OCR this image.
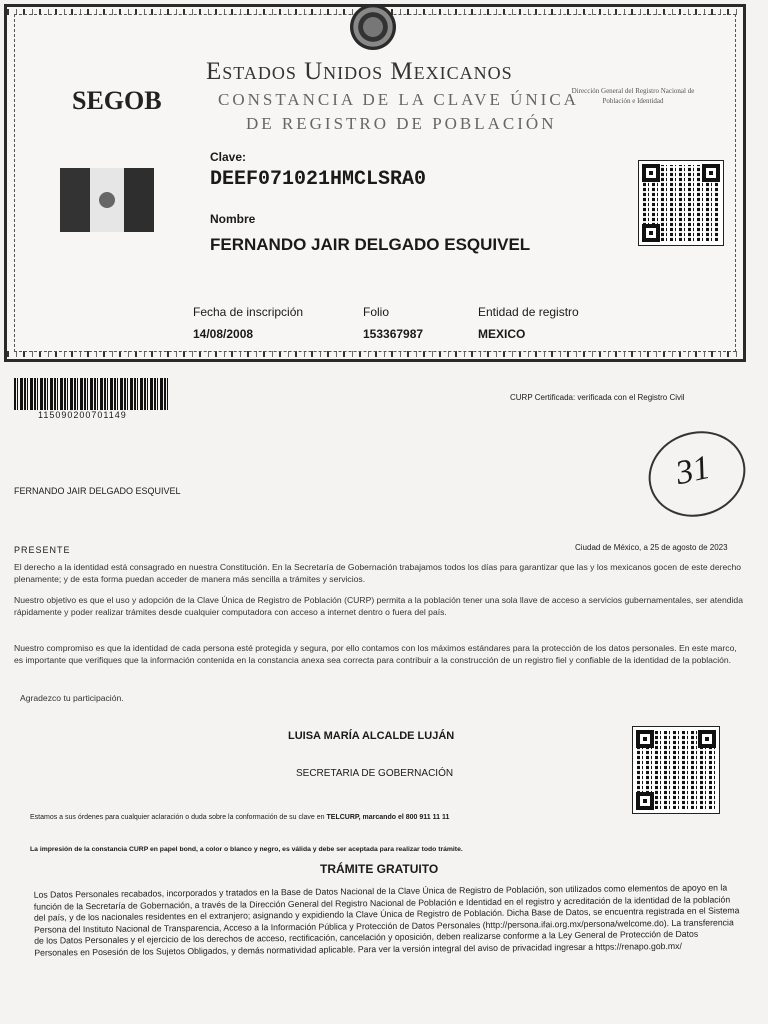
SEGOB
Estados Unidos Mexicanos
CONSTANCIA DE LA CLAVE ÚNICA
DE REGISTRO DE POBLACIÓN
Dirección General del Registro Nacional de Población e Identidad
Clave:
DEEF071021HMCLSRA0
Nombre
FERNANDO JAIR DELGADO ESQUIVEL
Fecha de inscripción
14/08/2008
Folio
153367987
Entidad de registro
MEXICO
115090200701149
CURP Certificada: verificada con el Registro Civil
31
FERNANDO JAIR DELGADO ESQUIVEL
PRESENTE	Ciudad de México, a 25 de agosto de 2023
El derecho a la identidad está consagrado en nuestra Constitución. En la Secretaría de Gobernación trabajamos todos los días para garantizar que las y los mexicanos gocen de este derecho plenamente; y de esta forma puedan acceder de manera más sencilla a trámites y servicios.
Nuestro objetivo es que el uso y adopción de la Clave Única de Registro de Población (CURP) permita a la población tener una sola llave de acceso a servicios gubernamentales, ser atendida rápidamente y poder realizar trámites desde cualquier computadora con acceso a internet dentro o fuera del país.
Nuestro compromiso es que la identidad de cada persona esté protegida y segura, por ello contamos con los máximos estándares para la protección de los datos personales. En este marco, es importante que verifiques que la información contenida en la constancia anexa sea correcta para contribuir a la construcción de un registro fiel y confiable de la identidad de la población.
Agradezco tu participación.
LUISA MARÍA ALCALDE LUJÁN
SECRETARIA DE GOBERNACIÓN
Estamos a sus órdenes para cualquier aclaración o duda sobre la conformación de su clave en TELCURP, marcando el 800 911 11 11
La impresión de la constancia CURP en papel bond, a color o blanco y negro, es válida y debe ser aceptada para realizar todo trámite.
TRÁMITE GRATUITO
Los Datos Personales recabados, incorporados y tratados en la Base de Datos Nacional de la Clave Única de Registro de Población, son utilizados como elementos de apoyo en la función de la Secretaría de Gobernación, a través de la Dirección General del Registro Nacional de Población e Identidad en el registro y acreditación de la identidad de la población del país, y de los nacionales residentes en el extranjero; asignando y expidiendo la Clave Única de Registro de Población. Dicha Base de Datos, se encuentra registrada en el Sistema Persona del Instituto Nacional de Transparencia, Acceso a la Información Pública y Protección de Datos Personales (http://persona.ifai.org.mx/persona/welcome.do). La transferencia de los Datos Personales y el ejercicio de los derechos de acceso, rectificación, cancelación y oposición, deben realizarse conforme a la Ley General de Protección de Datos Personales en Posesión de los Sujetos Obligados, y demás normatividad aplicable. Para ver la versión integral del aviso de privacidad ingresar a https://renapo.gob.mx/
